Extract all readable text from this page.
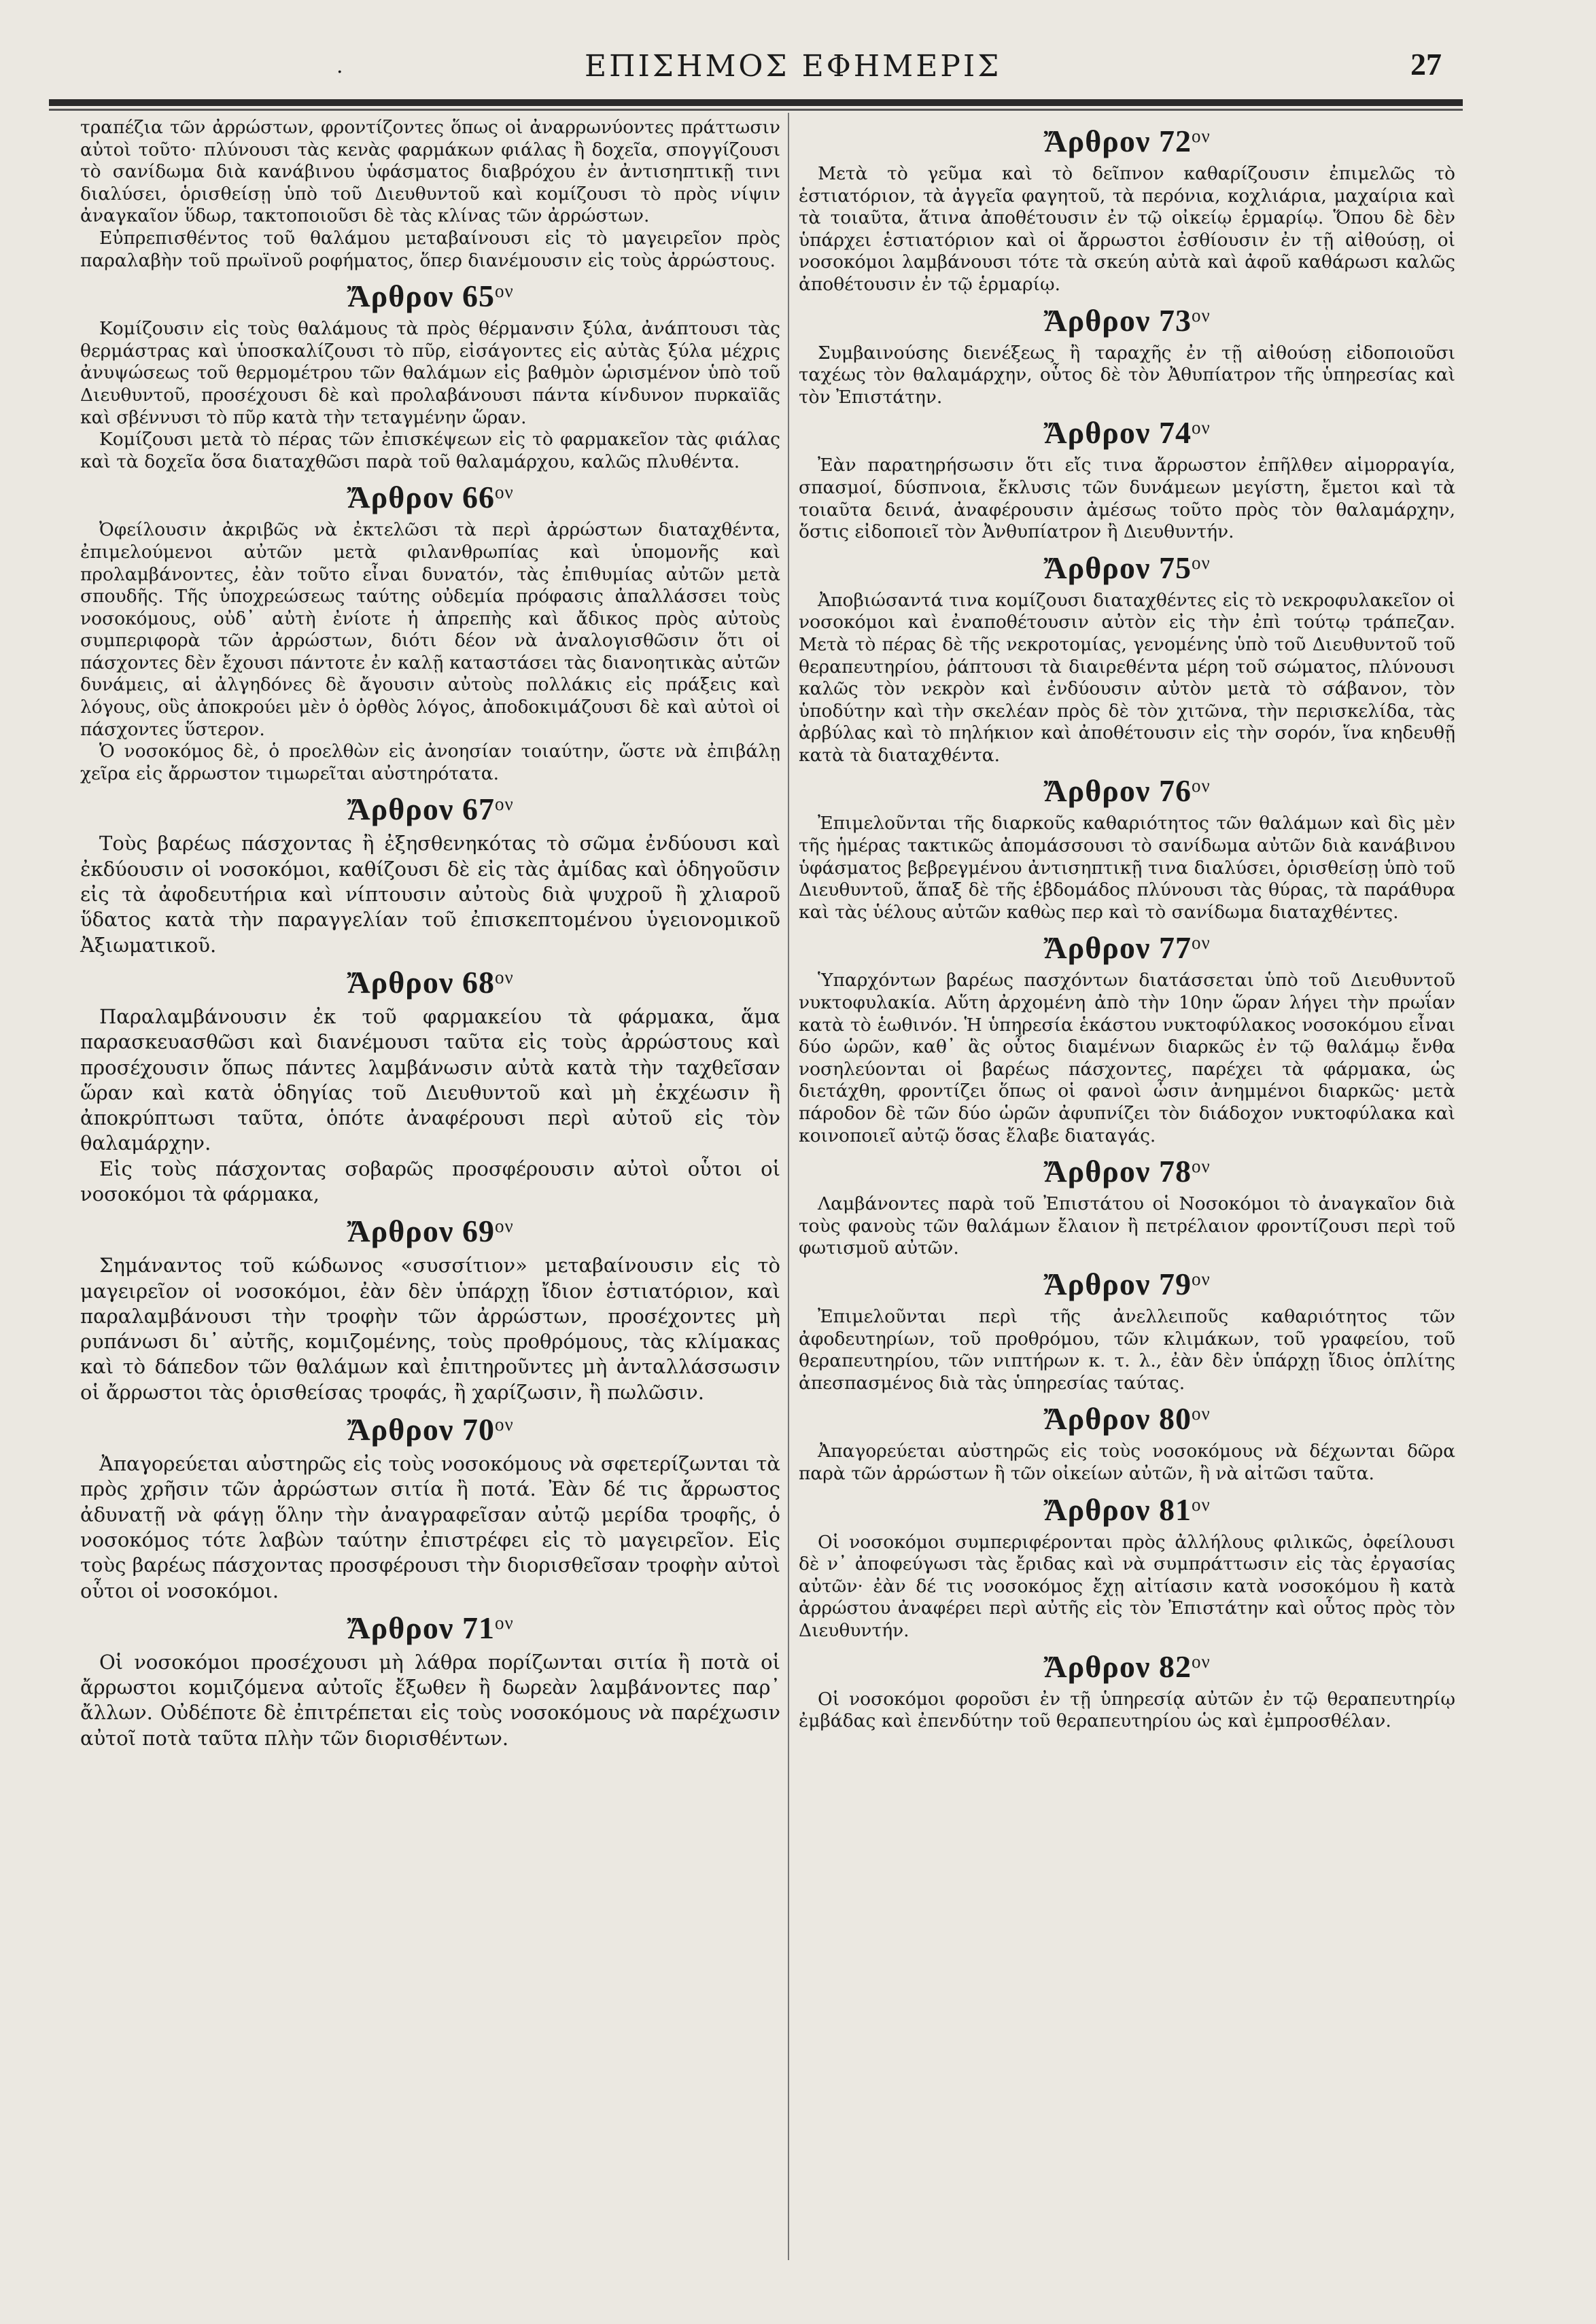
.	ΕΠΙΣΗΜΟΣ ΕΦΗΜΕΡΙΣ	27

τραπέζια τῶν ἀρρώστων, φροντίζοντες ὅπως οἱ ἀναρρωνύοντες πράττωσιν αὐτοὶ τοῦτο· πλύνουσι τὰς κενὰς φαρμάκων φιάλας ἢ δοχεῖα, σπογγίζουσι τὸ σανίδωμα διὰ κανάβινου ὑφάσματος διαβρόχου ἐν ἀντισηπτικῇ τινι διαλύσει, ὁρισθείσῃ ὑπὸ τοῦ Διευθυντοῦ καὶ κομίζουσι τὸ πρὸς νίψιν ἀναγκαῖον ὕδωρ, τακτοποιοῦσι δὲ τὰς κλίνας τῶν ἀρρώστων.

Εὐπρεπισθέντος τοῦ θαλάμου μεταβαίνουσι εἰς τὸ μαγειρεῖον πρὸς παραλαβὴν τοῦ πρωϊνοῦ ροφήματος, ὅπερ διανέμουσιν εἰς τοὺς ἀρρώστους.

Ἄρθρον $65^{o\nu}$

Κομίζουσιν εἰς τοὺς θαλάμους τὰ πρὸς θέρμανσιν ξύλα, ἀνάπτουσι τὰς θερμάστρας καὶ ὑποσκαλίζουσι τὸ πῦρ, εἰσάγοντες εἰς αὐτὰς ξύλα μέχρις ἀνυψώσεως τοῦ θερμομέτρου τῶν θαλάμων εἰς βαθμὸν ὡρισμένον ὑπὸ τοῦ Διευθυντοῦ, προσέχουσι δὲ καὶ προλαβάνουσι πάντα κίνδυνον πυρκαϊᾶς καὶ σβέννυσι τὸ πῦρ κατὰ τὴν τεταγμένην ὥραν.

Κομίζουσι μετὰ τὸ πέρας τῶν ἐπισκέψεων εἰς τὸ φαρμακεῖον τὰς φιάλας καὶ τὰ δοχεῖα ὅσα διαταχθῶσι παρὰ τοῦ θαλαμάρχου, καλῶς πλυθέντα.

Ἄρθρον $66^{o\nu}$

Ὀφείλουσιν ἀκριβῶς νὰ ἐκτελῶσι τὰ περὶ ἀρρώστων διαταχθέντα, ἐπιμελούμενοι αὐτῶν μετὰ φιλανθρωπίας καὶ ὑπομονῆς καὶ προλαμβάνοντες, ἐὰν τοῦτο εἶναι δυνατόν, τὰς ἐπιθυμίας αὐτῶν μετὰ σπουδῆς. Τῆς ὑποχρεώσεως ταύτης οὐδεμία πρόφασις ἀπαλλάσσει τοὺς νοσοκόμους, οὐδ᾽ αὐτὴ ἐνίοτε ἡ ἀπρεπὴς καὶ ἄδικος πρὸς αὐτοὺς συμπεριφορὰ τῶν ἀρρώστων, διότι δέον νὰ ἀναλογισθῶσιν ὅτι οἱ πάσχοντες δὲν ἔχουσι πάντοτε ἐν καλῇ καταστάσει τὰς διανοητικὰς αὐτῶν δυνάμεις, αἱ ἀλγηδόνες δὲ ἄγουσιν αὐτοὺς πολλάκις εἰς πράξεις καὶ λόγους, οὓς ἀποκρούει μὲν ὁ ὀρθὸς λόγος, ἀποδοκιμάζουσι δὲ καὶ αὐτοὶ οἱ πάσχοντες ὕστερον.

Ὁ νοσοκόμος δὲ, ὁ προελθὼν εἰς ἀνοησίαν τοιαύτην, ὥστε νὰ ἐπιβάλῃ χεῖρα εἰς ἄρρωστον τιμωρεῖται αὐστηρότατα.

Ἄρθρον $67^{o\nu}$

Τοὺς βαρέως πάσχοντας ἢ ἐξησθενηκότας τὸ σῶμα ἐνδύουσι καὶ ἐκδύουσιν οἱ νοσοκόμοι, καθίζουσι δὲ εἰς τὰς ἀμίδας καὶ ὁδηγοῦσιν εἰς τὰ ἀφοδευτήρια καὶ νίπτουσιν αὐτοὺς διὰ ψυχροῦ ἢ χλιαροῦ ὕδατος κατὰ τὴν παραγγελίαν τοῦ ἐπισκεπτομένου ὑγειονομικοῦ Ἀξιωματικοῦ.

Ἄρθρον $68^{o\nu}$

Παραλαμβάνουσιν ἐκ τοῦ φαρμακείου τὰ φάρμακα, ἅμα παρασκευασθῶσι καὶ διανέμουσι ταῦτα εἰς τοὺς ἀρρώστους καὶ προσέχουσιν ὅπως πάντες λαμβάνωσιν αὐτὰ κατὰ τὴν ταχθεῖσαν ὥραν καὶ κατὰ ὁδηγίας τοῦ Διευθυντοῦ καὶ μὴ ἐκχέωσιν ἢ ἀποκρύπτωσι ταῦτα, ὁπότε ἀναφέρουσι περὶ αὐτοῦ εἰς τὸν θαλαμάρχην.

Εἰς τοὺς πάσχοντας σοβαρῶς προσφέρουσιν αὐτοὶ οὗτοι οἱ νοσοκόμοι τὰ φάρμακα,

Ἄρθρον $69^{o\nu}$

Σημάναντος τοῦ κώδωνος «συσσίτιον» μεταβαίνουσιν εἰς τὸ μαγειρεῖον οἱ νοσοκόμοι, ἐὰν δὲν ὑπάρχῃ ἴδιον ἑστιατόριον, καὶ παραλαμβάνουσι τὴν τροφὴν τῶν ἀρρώστων, προσέχοντες μὴ ρυπάνωσι δι᾽ αὐτῆς, κομιζομένης, τοὺς προθρόμους, τὰς κλίμακας καὶ τὸ δάπεδον τῶν θαλάμων καὶ ἐπιτηροῦντες μὴ ἀνταλλάσσωσιν οἱ ἄρρωστοι τὰς ὁρισθείσας τροφάς, ἢ χαρίζωσιν, ἢ πωλῶσιν.

Ἄρθρον $70^{o\nu}$

Ἀπαγορεύεται αὐστηρῶς εἰς τοὺς νοσοκόμους νὰ σφετερίζωνται τὰ πρὸς χρῆσιν τῶν ἀρρώστων σιτία ἢ ποτά. Ἐὰν δέ τις ἄρρωστος ἀδυνατῇ νὰ φάγῃ ὅλην τὴν ἀναγραφεῖσαν αὐτῷ μερίδα τροφῆς, ὁ νοσοκόμος τότε λαβὼν ταύτην ἐπιστρέφει εἰς τὸ μαγειρεῖον. Εἰς τοὺς βαρέως πάσχοντας προσφέρουσι τὴν διορισθεῖσαν τροφὴν αὐτοὶ οὗτοι οἱ νοσοκόμοι.

Ἄρθρον $71^{o\nu}$

Οἱ νοσοκόμοι προσέχουσι μὴ λάθρα πορίζωνται σιτία ἢ ποτὰ οἱ ἄρρωστοι κομιζόμενα αὐτοῖς ἔξωθεν ἢ δωρεὰν λαμβάνοντες παρ᾽ ἄλλων. Οὐδέποτε δὲ ἐπιτρέπεται εἰς τοὺς νοσοκόμους νὰ παρέχωσιν αὐτοῖ ποτὰ ταῦτα πλὴν τῶν διορισθέντων.

Ἄρθρον $72^{o\nu}$

Μετὰ τὸ γεῦμα καὶ τὸ δεῖπνον καθαρίζουσιν ἐπιμελῶς τὸ ἑστιατόριον, τὰ ἀγγεῖα φαγητοῦ, τὰ περόνια, κοχλιάρια, μαχαίρια καὶ τὰ τοιαῦτα, ἅτινα ἀποθέτουσιν ἐν τῷ οἰκείῳ ἑρμαρίῳ. Ὅπου δὲ δὲν ὑπάρχει ἑστιατόριον καὶ οἱ ἄρρωστοι ἐσθίουσιν ἐν τῇ αἰθούσῃ, οἱ νοσοκόμοι λαμβάνουσι τότε τὰ σκεύη αὐτὰ καὶ ἀφοῦ καθάρωσι καλῶς ἀποθέτουσιν ἐν τῷ ἑρμαρίῳ.

Ἄρθρον $73^{o\nu}$

Συμβαινούσης διενέξεως ἢ ταραχῆς ἐν τῇ αἰθούσῃ εἰδοποιοῦσι ταχέως τὸν θαλαμάρχην, οὗτος δὲ τὸν Ἀθυπίατρον τῆς ὑπηρεσίας καὶ τὸν Ἐπιστάτην.

Ἄρθρον $74^{o\nu}$

Ἐὰν παρατηρήσωσιν ὅτι εἴς τινα ἄρρωστον ἐπῆλθεν αἱμορραγία, σπασμοί, δύσπνοια, ἔκλυσις τῶν δυνάμεων μεγίστη, ἔμετοι καὶ τὰ τοιαῦτα δεινά, ἀναφέρουσιν ἀμέσως τοῦτο πρὸς τὸν θαλαμάρχην, ὅστις εἰδοποιεῖ τὸν Ἀνθυπίατρον ἢ Διευθυντήν.

Ἄρθρον $75^{o\nu}$

Ἀποβιώσαντά τινα κομίζουσι διαταχθέντες εἰς τὸ νεκροφυλακεῖον οἱ νοσοκόμοι καὶ ἐναποθέτουσιν αὐτὸν εἰς τὴν ἐπὶ τούτῳ τράπεζαν. Μετὰ τὸ πέρας δὲ τῆς νεκροτομίας, γενομένης ὑπὸ τοῦ Διευθυντοῦ τοῦ θεραπευτηρίου, ῥάπτουσι τὰ διαιρεθέντα μέρη τοῦ σώματος, πλύνουσι καλῶς τὸν νεκρὸν καὶ ἐνδύουσιν αὐτὸν μετὰ τὸ σάβανον, τὸν ὑποδύτην καὶ τὴν σκελέαν πρὸς δὲ τὸν χιτῶνα, τὴν περισκελίδα, τὰς ἀρβύλας καὶ τὸ πηλήκιον καὶ ἀποθέτουσιν εἰς τὴν σορόν, ἵνα κηδευθῇ κατὰ τὰ διαταχθέντα.

Ἄρθρον $76^{o\nu}$

Ἐπιμελοῦνται τῆς διαρκοῦς καθαριότητος τῶν θαλάμων καὶ δὶς μὲν τῆς ἡμέρας τακτικῶς ἀπομάσσουσι τὸ σανίδωμα αὐτῶν διὰ κανάβινου ὑφάσματος βεβρεγμένου ἀντισηπτικῇ τινα διαλύσει, ὁρισθείσῃ ὑπὸ τοῦ Διευθυντοῦ, ἅπαξ δὲ τῆς ἑβδομάδος πλύνουσι τὰς θύρας, τὰ παράθυρα καὶ τὰς ὑέλους αὐτῶν καθὼς περ καὶ τὸ σανίδωμα διαταχθέντες.

Ἄρθρον $77^{o\nu}$

Ὑπαρχόντων βαρέως πασχόντων διατάσσεται ὑπὸ τοῦ Διευθυντοῦ νυκτοφυλακία. Αὕτη ἀρχομένη ἀπὸ τὴν 10ην ὥραν λήγει τὴν πρωΐαν κατὰ τὸ ἑωθινόν. Ἡ ὑπηρεσία ἑκάστου νυκτοφύλακος νοσοκόμου εἶναι δύο ὡρῶν, καθ᾽ ἃς οὗτος διαμένων διαρκῶς ἐν τῷ θαλάμῳ ἔνθα νοσηλεύονται οἱ βαρέως πάσχοντες, παρέχει τὰ φάρμακα, ὡς διετάχθη, φροντίζει ὅπως οἱ φανοὶ ὦσιν ἀνημμένοι διαρκῶς· μετὰ πάροδον δὲ τῶν δύο ὡρῶν ἀφυπνίζει τὸν διάδοχον νυκτοφύλακα καὶ κοινοποιεῖ αὐτῷ ὅσας ἔλαβε διαταγάς.

Ἄρθρον $78^{o\nu}$

Λαμβάνοντες παρὰ τοῦ Ἐπιστάτου οἱ Νοσοκόμοι τὸ ἀναγκαῖον διὰ τοὺς φανοὺς τῶν θαλάμων ἔλαιον ἢ πετρέλαιον φροντίζουσι περὶ τοῦ φωτισμοῦ αὐτῶν.

Ἄρθρον $79^{o\nu}$

Ἐπιμελοῦνται περὶ τῆς ἀνελλειποῦς καθαριότητος τῶν ἀφοδευτηρίων, τοῦ προθρόμου, τῶν κλιμάκων, τοῦ γραφείου, τοῦ θεραπευτηρίου, τῶν νιπτήρων κ. τ. λ., ἐὰν δὲν ὑπάρχῃ ἴδιος ὁπλίτης ἀπεσπασμένος διὰ τὰς ὑπηρεσίας ταύτας.

Ἄρθρον $80^{o\nu}$

Ἀπαγορεύεται αὐστηρῶς εἰς τοὺς νοσοκόμους νὰ δέχωνται δῶρα παρὰ τῶν ἀρρώστων ἢ τῶν οἰκείων αὐτῶν, ἢ νὰ αἰτῶσι ταῦτα.

Ἄρθρον $81^{o\nu}$

Οἱ νοσοκόμοι συμπεριφέρονται πρὸς ἀλλήλους φιλικῶς, ὀφείλουσι δὲ ν᾽ ἀποφεύγωσι τὰς ἔριδας καὶ νὰ συμπράττωσιν εἰς τὰς ἐργασίας αὐτῶν· ἐὰν δέ τις νοσοκόμος ἔχῃ αἰτίασιν κατὰ νοσοκόμου ἢ κατὰ ἀρρώστου ἀναφέρει περὶ αὐτῆς εἰς τὸν Ἐπιστάτην καὶ οὗτος πρὸς τὸν Διευθυντήν.

Ἄρθρον $82^{o\nu}$

Οἱ νοσοκόμοι φοροῦσι ἐν τῇ ὑπηρεσίᾳ αὐτῶν ἐν τῷ θεραπευτηρίῳ ἐμβάδας καὶ ἐπενδύτην τοῦ θεραπευτηρίου ὡς καὶ ἐμπροσθέλαν.
